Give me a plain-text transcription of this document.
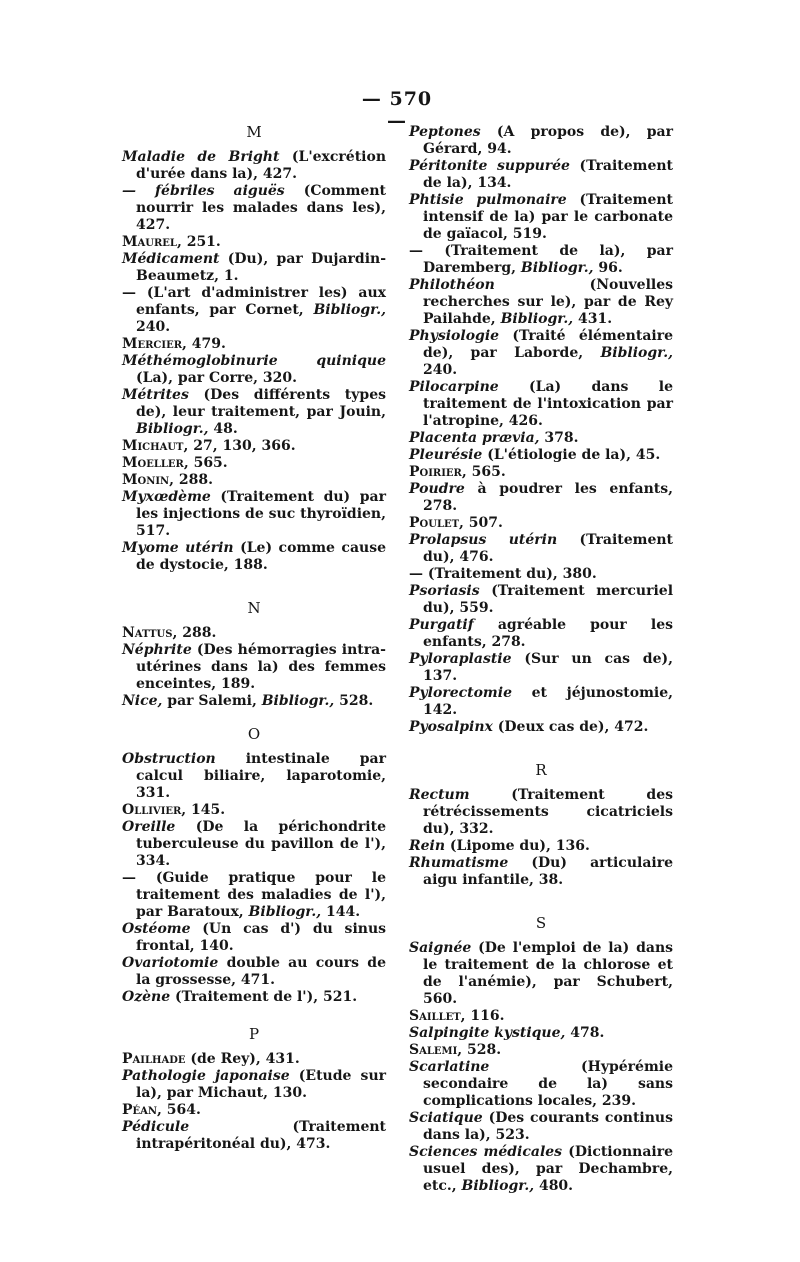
— 570 —

M

Maladie de Bright (L'excrétion d'urée dans la), 427.

— fébriles aiguës (Comment nourrir les malades dans les), 427.

Maurel, 251.

Médicament (Du), par Dujardin-Beaumetz, 1.

— (L'art d'administrer les) aux enfants, par Cornet, Bibliogr., 240.

Mercier, 479.

Méthémoglobinurie quinique (La), par Corre, 320.

Métrites (Des différents types de), leur traitement, par Jouin, Bibliogr., 48.

Michaut, 27, 130, 366.

Moeller, 565.

Monin, 288.

Myxœdème (Traitement du) par les injections de suc thyroïdien, 517.

Myome utérin (Le) comme cause de dystocie, 188.

N

Nattus, 288.

Néphrite (Des hémorragies intra-utérines dans la) des femmes enceintes, 189.

Nice, par Salemi, Bibliogr., 528.

O

Obstruction intestinale par calcul biliaire, laparotomie, 331.

Ollivier, 145.

Oreille (De la périchondrite tuberculeuse du pavillon de l'), 334.

— (Guide pratique pour le traitement des maladies de l'), par Baratoux, Bibliogr., 144.

Ostéome (Un cas d') du sinus frontal, 140.

Ovariotomie double au cours de la grossesse, 471.

Ozène (Traitement de l'), 521.

P

Pailhade (de Rey), 431.

Pathologie japonaise (Etude sur la), par Michaut, 130.

Péan, 564.

Pédicule	(Traitement intrapéritonéal du), 473.

Peptones (A propos de), par Gérard, 94.

Péritonite suppurée (Traitement de la), 134.

Phtisie pulmonaire (Traitement intensif de la) par le carbonate de gaïacol, 519.

— (Traitement de la), par Daremberg, Bibliogr., 96.

Philothéon	(Nouvelles recherches sur le), par de Rey Pailahde, Bibliogr., 431.

Physiologie (Traité élémentaire de), par Laborde, Bibliogr., 240.

Pilocarpine (La) dans le traitement de l'intoxication par l'atropine, 426.

Placenta prævia, 378.

Pleurésie (L'étiologie de la), 45.

Poirier, 565.

Poudre à poudrer les enfants, 278.

Poulet, 507.

Prolapsus utérin (Traitement du), 476.

— (Traitement du), 380.

Psoriasis (Traitement mercuriel du), 559.

Purgatif agréable pour les enfants, 278.

Pyloraplastie (Sur un cas de), 137.

Pylorectomie et jéjunostomie, 142.

Pyosalpinx (Deux cas de), 472.

R

Rectum	(Traitement des rétrécissements cicatriciels du), 332.

Rein (Lipome du), 136.

Rhumatisme (Du) articulaire aigu infantile, 38.

S

Saignée (De l'emploi de la) dans le traitement de la chlorose et de l'anémie), par Schubert, 560.

Saillet, 116.

Salpingite kystique, 478.

Salemi, 528.

Scarlatine	(Hypérémie secondaire de la) sans complications locales, 239.

Sciatique (Des courants continus dans la), 523.

Sciences médicales (Dictionnaire usuel des), par Dechambre, etc., Bibliogr., 480.
